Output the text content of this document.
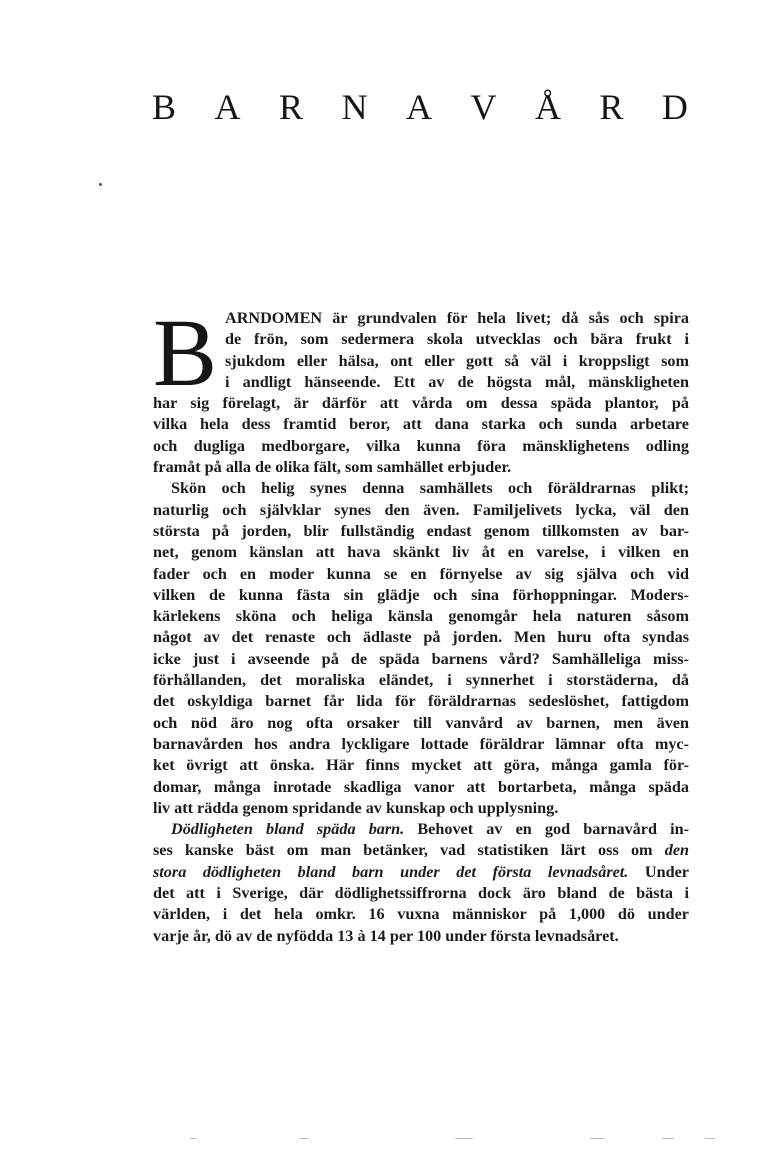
B A R N A V Å R D
B ARNDOMEN är grundvalen för hela livet; då sås och spira
de frön, som sedermera skola utvecklas och bära frukt i
sjukdom eller hälsa, ont eller gott så väl i kroppsligt som
i andligt hänseende. Ett av de högsta mål, mänskligheten
har sig förelagt, är därför att vårda om dessa späda plantor, på
vilka hela dess framtid beror, att dana starka och sunda arbetare
och dugliga medborgare, vilka kunna föra mänsklighetens odling
framåt på alla de olika fält, som samhället erbjuder.
Skön och helig synes denna samhällets och föräldrarnas plikt;
naturlig och självklar synes den även. Familjelivets lycka, väl den
största på jorden, blir fullständig endast genom tillkomsten av bar-
net, genom känslan att hava skänkt liv åt en varelse, i vilken en
fader och en moder kunna se en förnyelse av sig själva och vid
vilken de kunna fästa sin glädje och sina förhoppningar. Moders-
kärlekens sköna och heliga känsla genomgår hela naturen såsom
något av det renaste och ädlaste på jorden. Men huru ofta syndas
icke just i avseende på de späda barnens vård? Samhälleliga miss-
förhållanden, det moraliska eländet, i synnerhet i storstäderna, då
det oskyldiga barnet får lida för föräldrarnas sedeslöshet, fattigdom
och nöd äro nog ofta orsaker till vanvård av barnen, men även
barnavården hos andra lyckligare lottade föräldrar lämnar ofta myc-
ket övrigt att önska. Här finns mycket att göra, många gamla för-
domar, många inrotade skadliga vanor att bortarbeta, många späda
liv att rädda genom spridande av kunskap och upplysning.
Dödligheten bland späda barn. Behovet av en god barnavård in-
ses kanske bäst om man betänker, vad statistiken lärt oss om den
stora dödligheten bland barn under det första levnadsåret. Under
det att i Sverige, där dödlighetssiffrorna dock äro bland de bästa i
världen, i det hela omkr. 16 vuxna människor på 1,000 dö under
varje år, dö av de nyfödda 13 à 14 per 100 under första levnadsåret.
